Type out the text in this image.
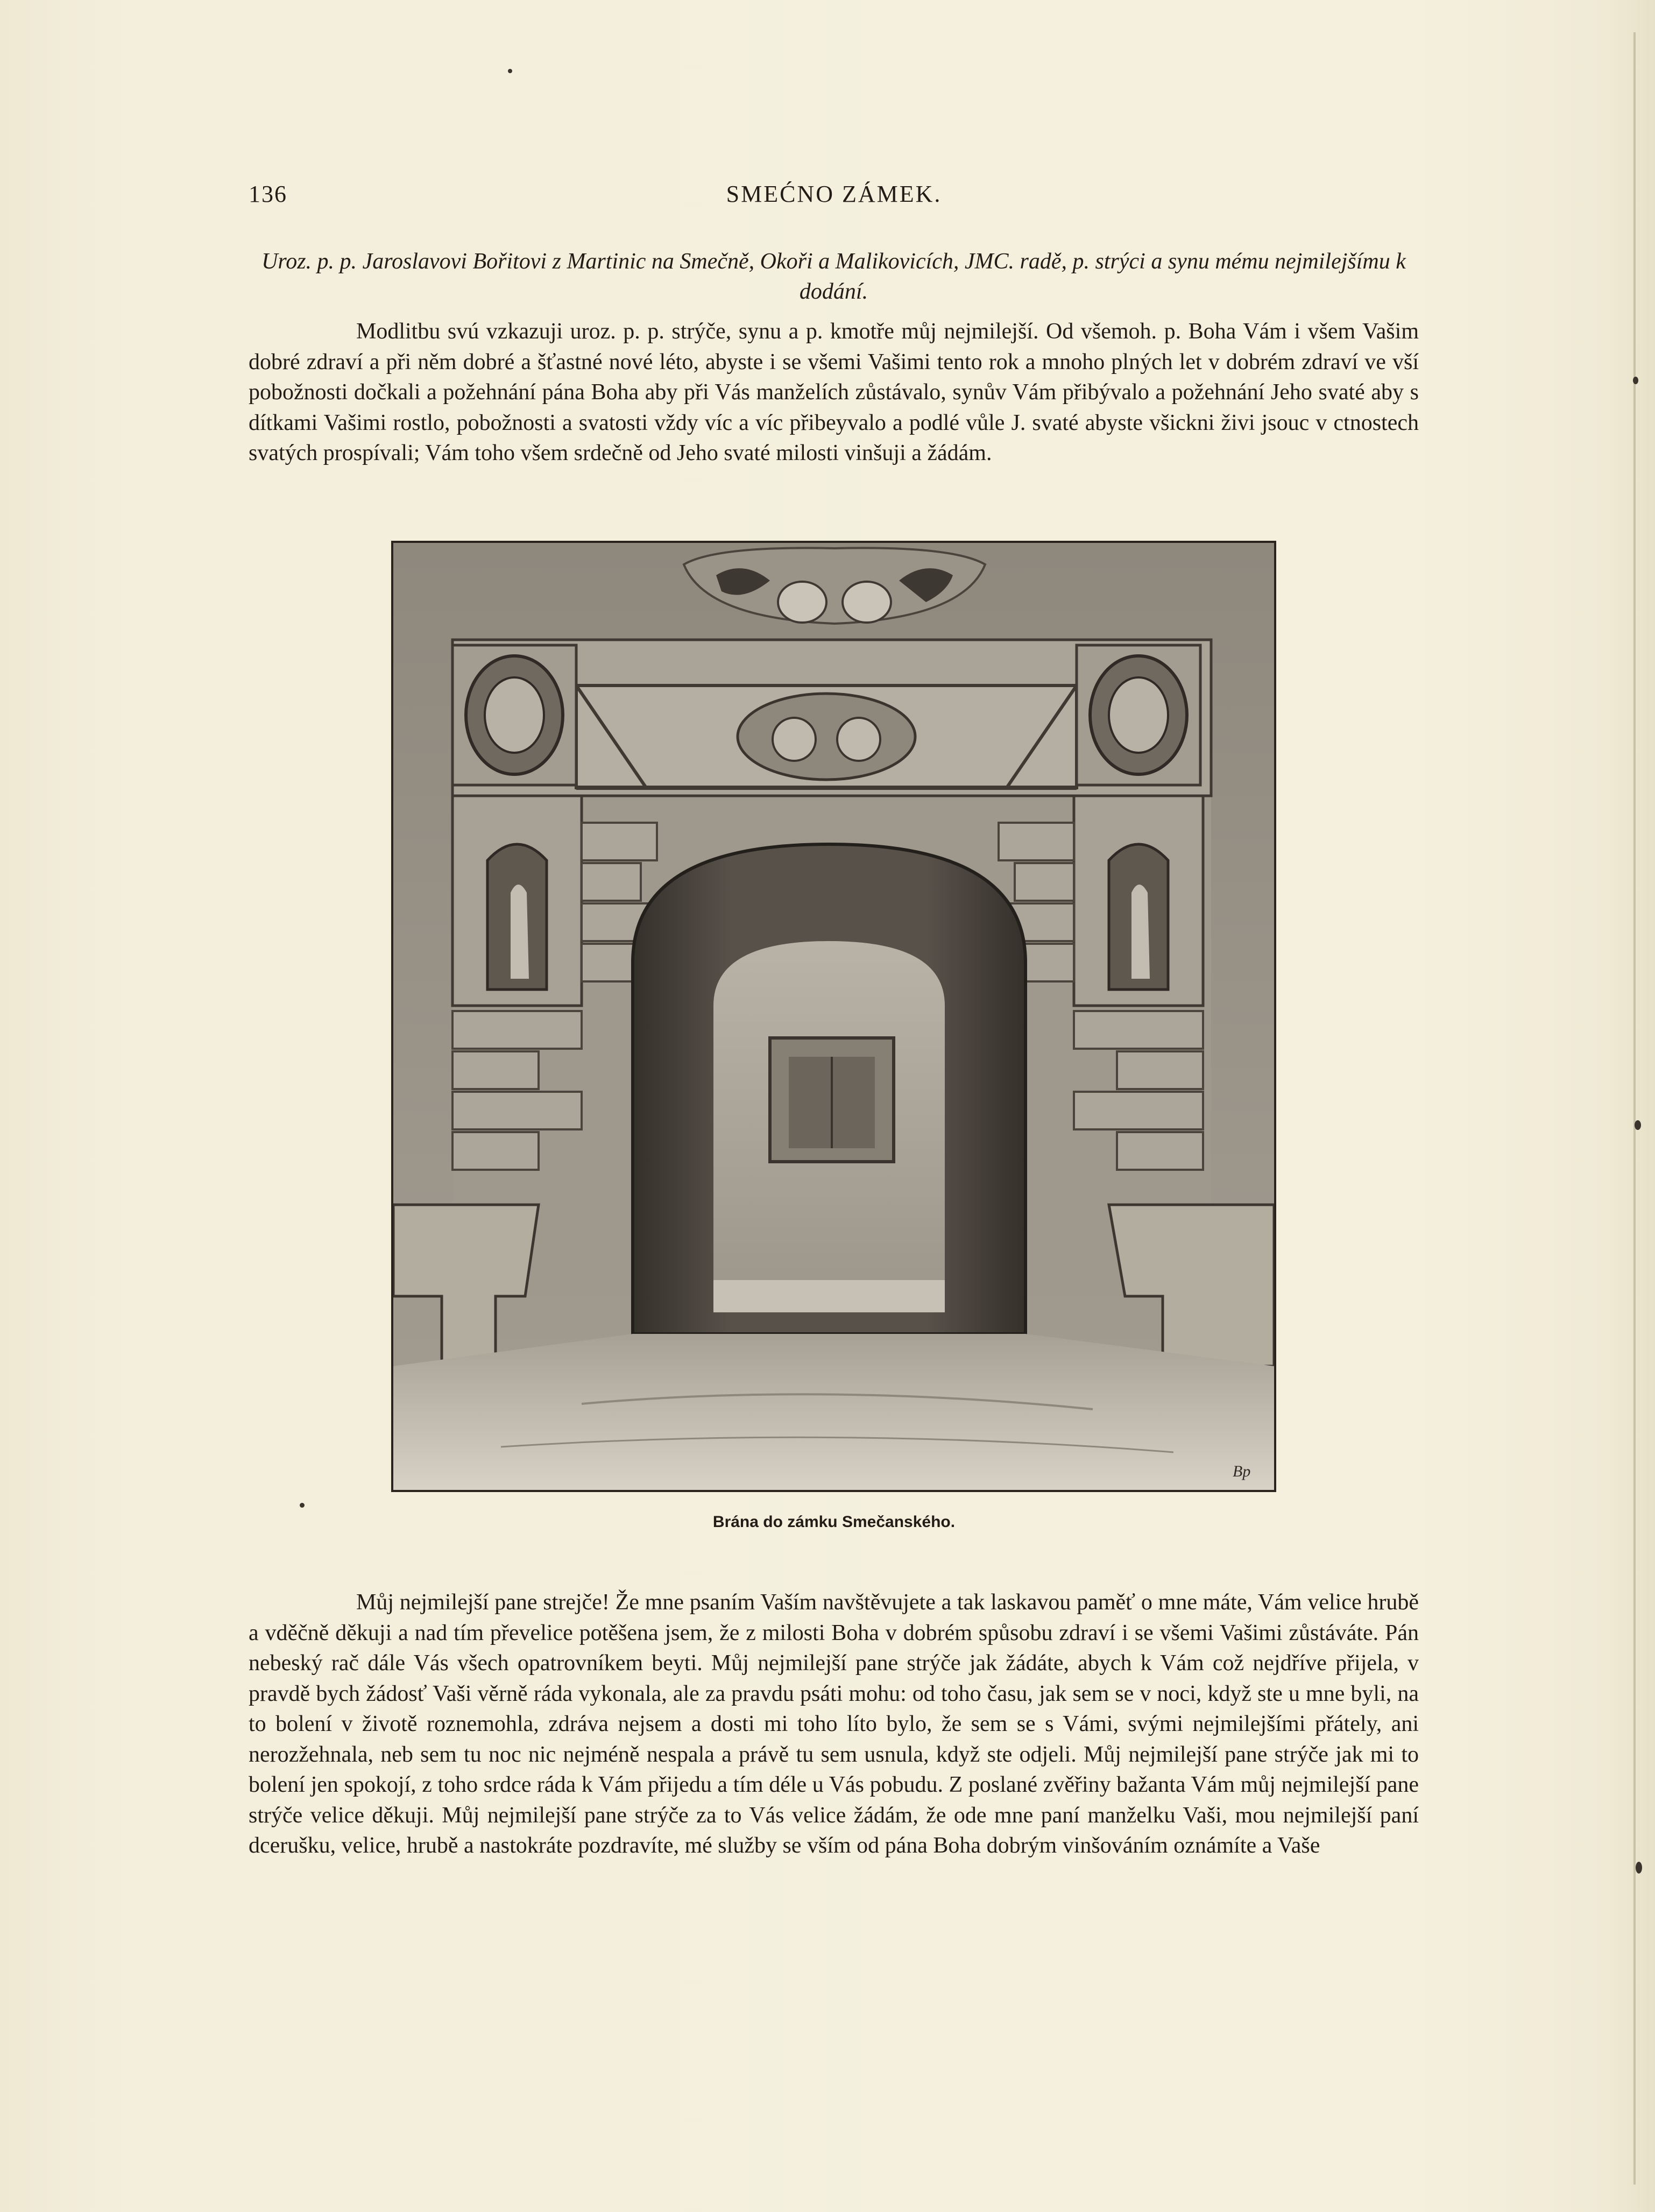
136	SMEĆNO ZÁMEK.
Uroz. p. p. Jaroslavovi Bořitovi z Martinic na Smečně, Okoři a Malikovicích, JMC. radě, p. strýci a synu mému nejmilejšímu k dodání.
Modlitbu svú vzkazuji uroz. p. p. strýče, synu a p. kmotře můj nejmilejší. Od všemoh. p. Boha Vám i všem Vašim dobré zdraví a při něm dobré a šťastné nové léto, abyste i se všemi Vašimi tento rok a mnoho plných let v dobrém zdraví ve vší pobožnosti dočkali a požehnání pána Boha aby při Vás manželích zůstávalo, synův Vám přibývalo a požehnání Jeho svaté aby s dítkami Vašimi rostlo, pobožnosti a svatosti vždy víc a víc přibeyvalo a podlé vůle J. svaté abyste všickni živi jsouc v ctnostech svatých prospívali; Vám toho všem srdečně od Jeho svaté milosti vinšuji a žádám.
Bp
Brána do zámku Smečanského.
Můj nejmilejší pane strejče! Že mne psaním Vaším navštěvujete a tak laskavou paměť o mne máte, Vám velice hrubě a vděčně děkuji a nad tím převelice potěšena jsem, že z milosti Boha v dobrém spůsobu zdraví i se všemi Vašimi zůstáváte. Pán nebeský rač dále Vás všech opatrovníkem beyti. Můj nejmilejší pane strýče jak žádáte, abych k Vám což nejdříve přijela, v pravdě bych žádosť Vaši věrně ráda vykonala, ale za pravdu psáti mohu: od toho času, jak sem se v noci, když ste u mne byli, na to bolení v životě roznemohla, zdráva nejsem a dosti mi toho líto bylo, že sem se s Vámi, svými nejmilejšími přátely, ani nerozžehnala, neb sem tu noc nic nejméně nespala a právě tu sem usnula, když ste odjeli. Můj nejmilejší pane strýče jak mi to bolení jen spokojí, z toho srdce ráda k Vám přijedu a tím déle u Vás pobudu. Z poslané zvěřiny bažanta Vám můj nejmilejší pane strýče velice děkuji. Můj nejmilejší pane strýče za to Vás velice žádám, že ode mne paní manželku Vaši, mou nejmilejší paní dcerušku, velice, hrubě a nastokráte pozdravíte, mé služby se vším od pána Boha dobrým vinšováním oznámíte a Vaše
